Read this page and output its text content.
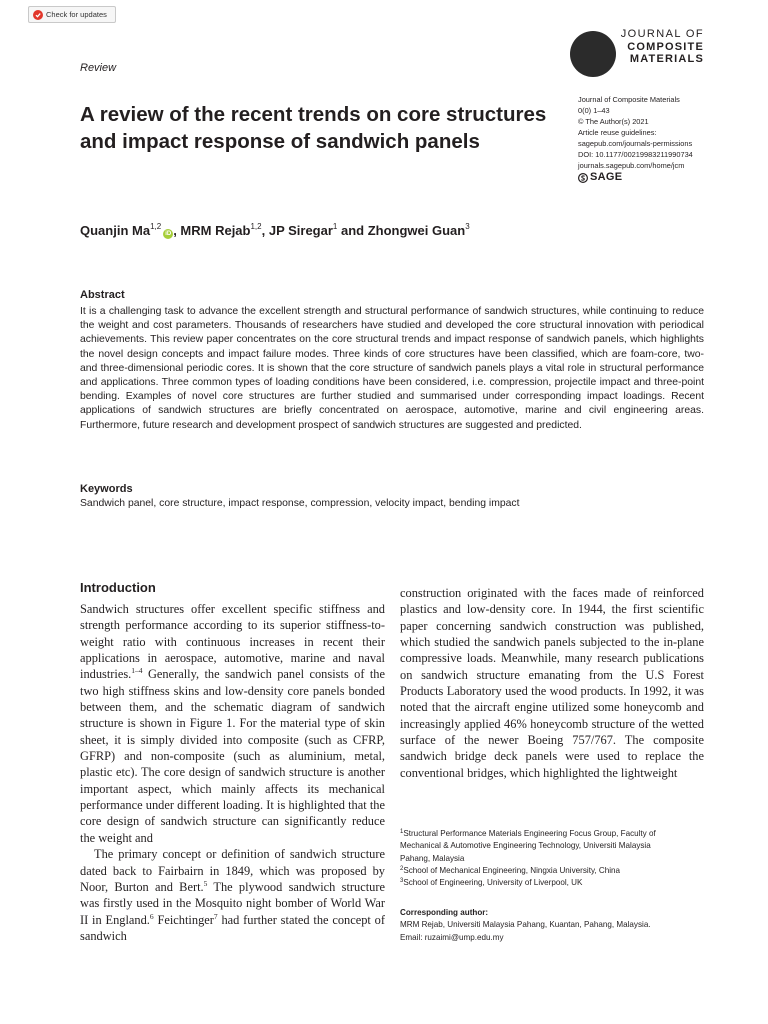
Check for updates
Review
JOURNAL OF
COMPOSITE
MATERIALS
Journal of Composite Materials
0(0) 1–43
© The Author(s) 2021
Article reuse guidelines:
sagepub.com/journals-permissions
DOI: 10.1177/00219983211990734
journals.sagepub.com/home/jcm
SAGE
A review of the recent trends on core structures and impact response of sandwich panels
Quanjin Ma$^{1,2}$iD , MRM Rejab$^{1,2}$, JP Siregar$^1$ and Zhongwei Guan$^3$
Abstract
It is a challenging task to advance the excellent strength and structural performance of sandwich structures, while continuing to reduce the weight and cost parameters. Thousands of researchers have studied and developed the core structural innovation with periodical achievements. This review paper concentrates on the core structural trends and impact response of sandwich panels, which highlights the novel design concepts and impact failure modes. Three kinds of core structures have been classified, which are foam-core, two- and three-dimensional periodic cores. It is shown that the core structure of sandwich panels plays a vital role in structural performance and applications. Three common types of loading conditions have been considered, i.e. compression, projectile impact and three-point bending. Examples of novel core structures are further studied and summarised under corresponding impact loadings. Recent applications of sandwich structures are briefly concentrated on aerospace, automotive, marine and civil engineering areas. Furthermore, future research and development prospect of sandwich structures are suggested and predicted.
Keywords
Sandwich panel, core structure, impact response, compression, velocity impact, bending impact
Introduction

Sandwich structures offer excellent specific stiffness and strength performance according to its superior stiffness-to-weight ratio with continuous increases in recent their applications in aerospace, automotive, marine and naval industries.$^{1-4}$ Generally, the sandwich panel consists of the two high stiffness skins and low-density core panels bonded between them, and the schematic diagram of sandwich structure is shown in Figure 1. For the material type of skin sheet, it is simply divided into composite (such as CFRP, GFRP) and non-composite (such as aluminium, metal, plastic etc). The core design of sandwich structure is another important aspect, which mainly affects its mechanical performance under different loading. It is highlighted that the core design of sandwich structure can significantly reduce the weight and

The primary concept or definition of sandwich structure dated back to Fairbairn in 1849, which was proposed by Noor, Burton and Bert.$^5$ The plywood sandwich structure was firstly used in the Mosquito night bomber of World War II in England.$^6$ Feichtinger$^7$ had further stated the concept of sandwich

construction originated with the faces made of reinforced plastics and low-density core. In 1944, the first scientific paper concerning sandwich construction was published, which studied the sandwich panels subjected to the in-plane compressive loads. Meanwhile, many research publications on sandwich structure emanating from the U.S Forest Products Laboratory used the wood products. In 1992, it was noted that the aircraft engine utilized some honeycomb and increasingly applied 46% honeycomb structure of the wetted surface of the newer Boeing 757/767. The composite sandwich bridge deck panels were used to replace the conventional bridges, which highlighted the lightweight

$^1$Structural Performance Materials Engineering Focus Group, Faculty of
Mechanical & Automotive Engineering Technology, Universiti Malaysia
Pahang, Malaysia
$^2$School of Mechanical Engineering, Ningxia University, China
$^3$School of Engineering, University of Liverpool, UK
Corresponding author:
MRM Rejab, Universiti Malaysia Pahang, Kuantan, Pahang, Malaysia.
Email: ruzaimi@ump.edu.my
